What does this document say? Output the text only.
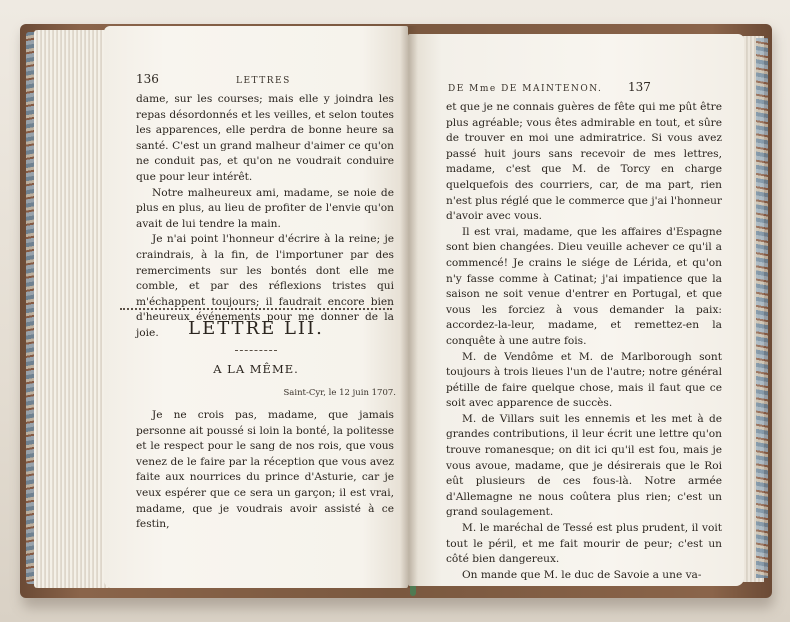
136	LETTRES

dame, sur les courses; mais elle y joindra les repas désordonnés et les veilles, et selon toutes les apparences, elle perdra de bonne heure sa santé. C'est un grand malheur d'aimer ce qu'on ne conduit pas, et qu'on ne voudrait conduire que pour leur intérêt.

Notre malheureux ami, madame, se noie de plus en plus, au lieu de profiter de l'envie qu'on avait de lui tendre la main.

Je n'ai point l'honneur d'écrire à la reine; je craindrais, à la fin, de l'importuner par des remerciments sur les bontés dont elle me comble, et par des réflexions tristes qui m'échappent toujours; il faudrait encore bien d'heureux événements pour me donner de la joie.	LETTRE LII.
A LA MÊME.
Saint-Cyr, le 12 juin 1707.

Je ne crois pas, madame, que jamais personne ait poussé si loin la bonté, la politesse et le respect pour le sang de nos rois, que vous venez de le faire par la réception que vous avez faite aux nourrices du prince d'Asturie, car je veux espérer que ce sera un garçon; il est vrai, madame, que je voudrais avoir assisté à ce festin,

DE Mme DE MAINTENON. 137

et que je ne connais guères de fête qui me pût être plus agréable; vous êtes admirable en tout, et sûre de trouver en moi une admiratrice. Si vous avez passé huit jours sans recevoir de mes lettres, madame, c'est que M. de Torcy en charge quelquefois des courriers, car, de ma part, rien n'est plus réglé que le commerce que j'ai l'honneur d'avoir avec vous.

Il est vrai, madame, que les affaires d'Espagne sont bien changées. Dieu veuille achever ce qu'il a commencé! Je crains le siége de Lérida, et qu'on n'y fasse comme à Catinat; j'ai impatience que la saison ne soit venue d'entrer en Portugal, et que vous les forciez à vous demander la paix: accordez-la-leur, madame, et remettez-en la conquête à une autre fois.

M. de Vendôme et M. de Marlborough sont toujours à trois lieues l'un de l'autre; notre général pétille de faire quelque chose, mais il faut que ce soit avec apparence de succès.

M. de Villars suit les ennemis et les met à de grandes contributions, il leur écrit une lettre qu'on trouve romanesque; on dit ici qu'il est fou, mais je vous avoue, madame, que je désirerais que le Roi eût plusieurs de ces fous-là. Notre armée d'Allemagne ne nous coûtera plus rien; c'est un grand soulagement.

M. le maréchal de Tessé est plus prudent, il voit tout le péril, et me fait mourir de peur; c'est un côté bien dangereux.

On mande que M. le duc de Savoie a une va-
